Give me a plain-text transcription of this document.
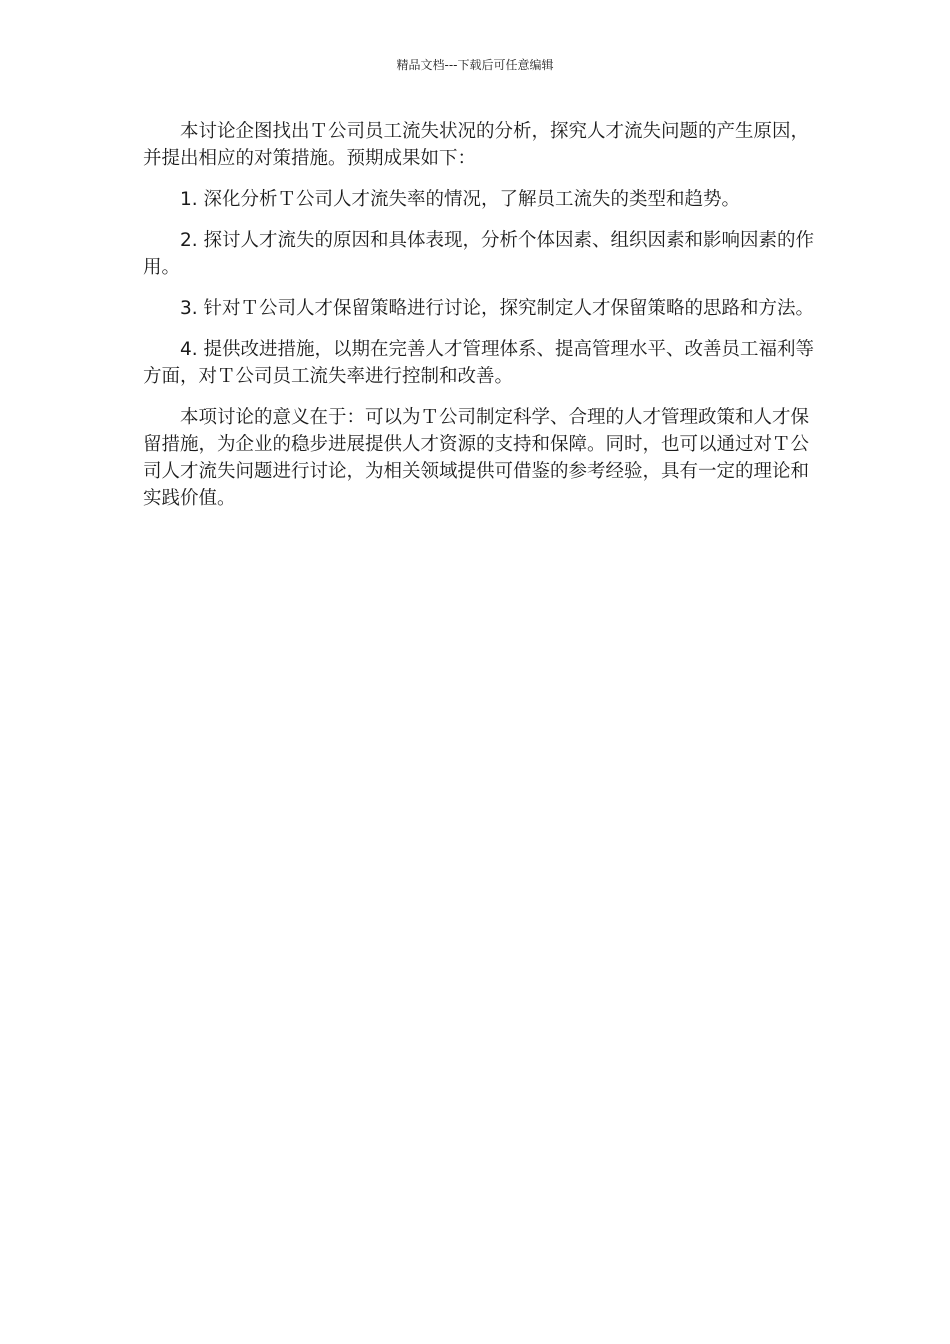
精品文档---下载后可任意编辑

本讨论企图找出Ｔ公司员工流失状况的分析，探究人才流失问题的产生原因，并提出相应的对策措施。预期成果如下：

1. 深化分析Ｔ公司人才流失率的情况，了解员工流失的类型和趋势。

2. 探讨人才流失的原因和具体表现，分析个体因素、组织因素和影响因素的作用。

3. 针对Ｔ公司人才保留策略进行讨论，探究制定人才保留策略的思路和方法。

4. 提供改进措施，以期在完善人才管理体系、提高管理水平、改善员工福利等方面，对Ｔ公司员工流失率进行控制和改善。

本项讨论的意义在于：可以为Ｔ公司制定科学、合理的人才管理政策和人才保留措施，为企业的稳步进展提供人才资源的支持和保障。同时，也可以通过对Ｔ公司人才流失问题进行讨论，为相关领域提供可借鉴的参考经验，具有一定的理论和实践价值。
